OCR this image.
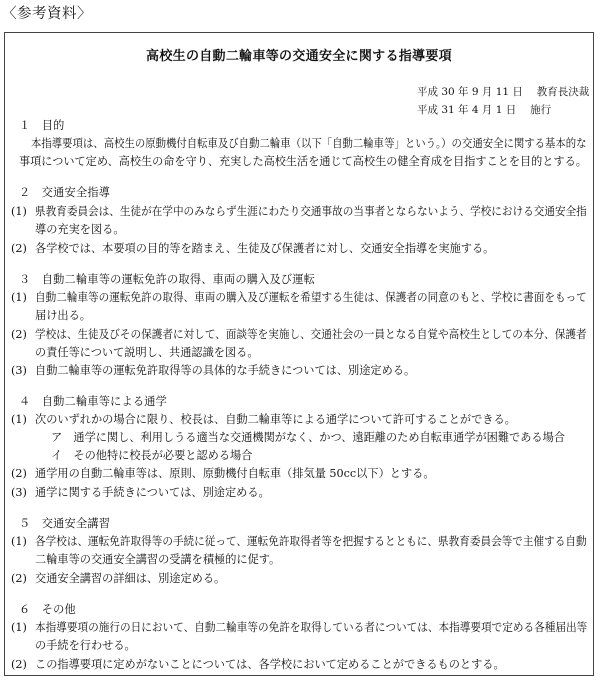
〈参考資料〉
高校生の自動二輪車等の交通安全に関する指導要項
平成 30 年 9 月 11 日　 教育長決裁
平成 31 年 4 月 1 日　 施行
１　目的
本指導要項は、高校生の原動機付自転車及び自動二輪車（以下「自動二輪車等」という。）の交通安全に関する基本的な
事項について定め、高校生の命を守り、充実した高校生活を通じて高校生の健全育成を目指すことを目的とする。
２　交通安全指導
(1) 県教育委員会は、生徒が在学中のみならず生涯にわたり交通事故の当事者とならないよう、学校における交通安全指
導の充実を図る。
(2) 各学校では、本要項の目的等を踏まえ、生徒及び保護者に対し、交通安全指導を実施する。
３　自動二輪車等の運転免許の取得、車両の購入及び運転
(1) 自動二輪車等の運転免許の取得、車両の購入及び運転を希望する生徒は、保護者の同意のもと、学校に書面をもって
届け出る。
(2) 学校は、生徒及びその保護者に対して、面談等を実施し、交通社会の一員となる自覚や高校生としての本分、保護者
の責任等について説明し、共通認識を図る。
(3) 自動二輪車等の運転免許取得等の具体的な手続きについては、別途定める。
４　自動二輪車等による通学
(1) 次のいずれかの場合に限り、校長は、自動二輪車等による通学について許可することができる。
ア　通学に関し、利用しうる適当な交通機関がなく、かつ、遠距離のため自転車通学が困難である場合
イ　その他特に校長が必要と認める場合
(2) 通学用の自動二輪車等は、原則、原動機付自転車（排気量 50cc以下）とする。
(3) 通学に関する手続きについては、別途定める。
５　交通安全講習
(1) 各学校は、運転免許取得等の手続に従って、運転免許取得者等を把握するとともに、県教育委員会等で主催する自動
二輪車等の交通安全講習の受講を積極的に促す。
(2) 交通安全講習の詳細は、別途定める。
６　その他
(1) 本指導要項の施行の日において、自動二輪車等の免許を取得している者については、本指導要項で定める各種届出等
の手続を行わせる。
(2) この指導要項に定めがないことについては、各学校において定めることができるものとする。
